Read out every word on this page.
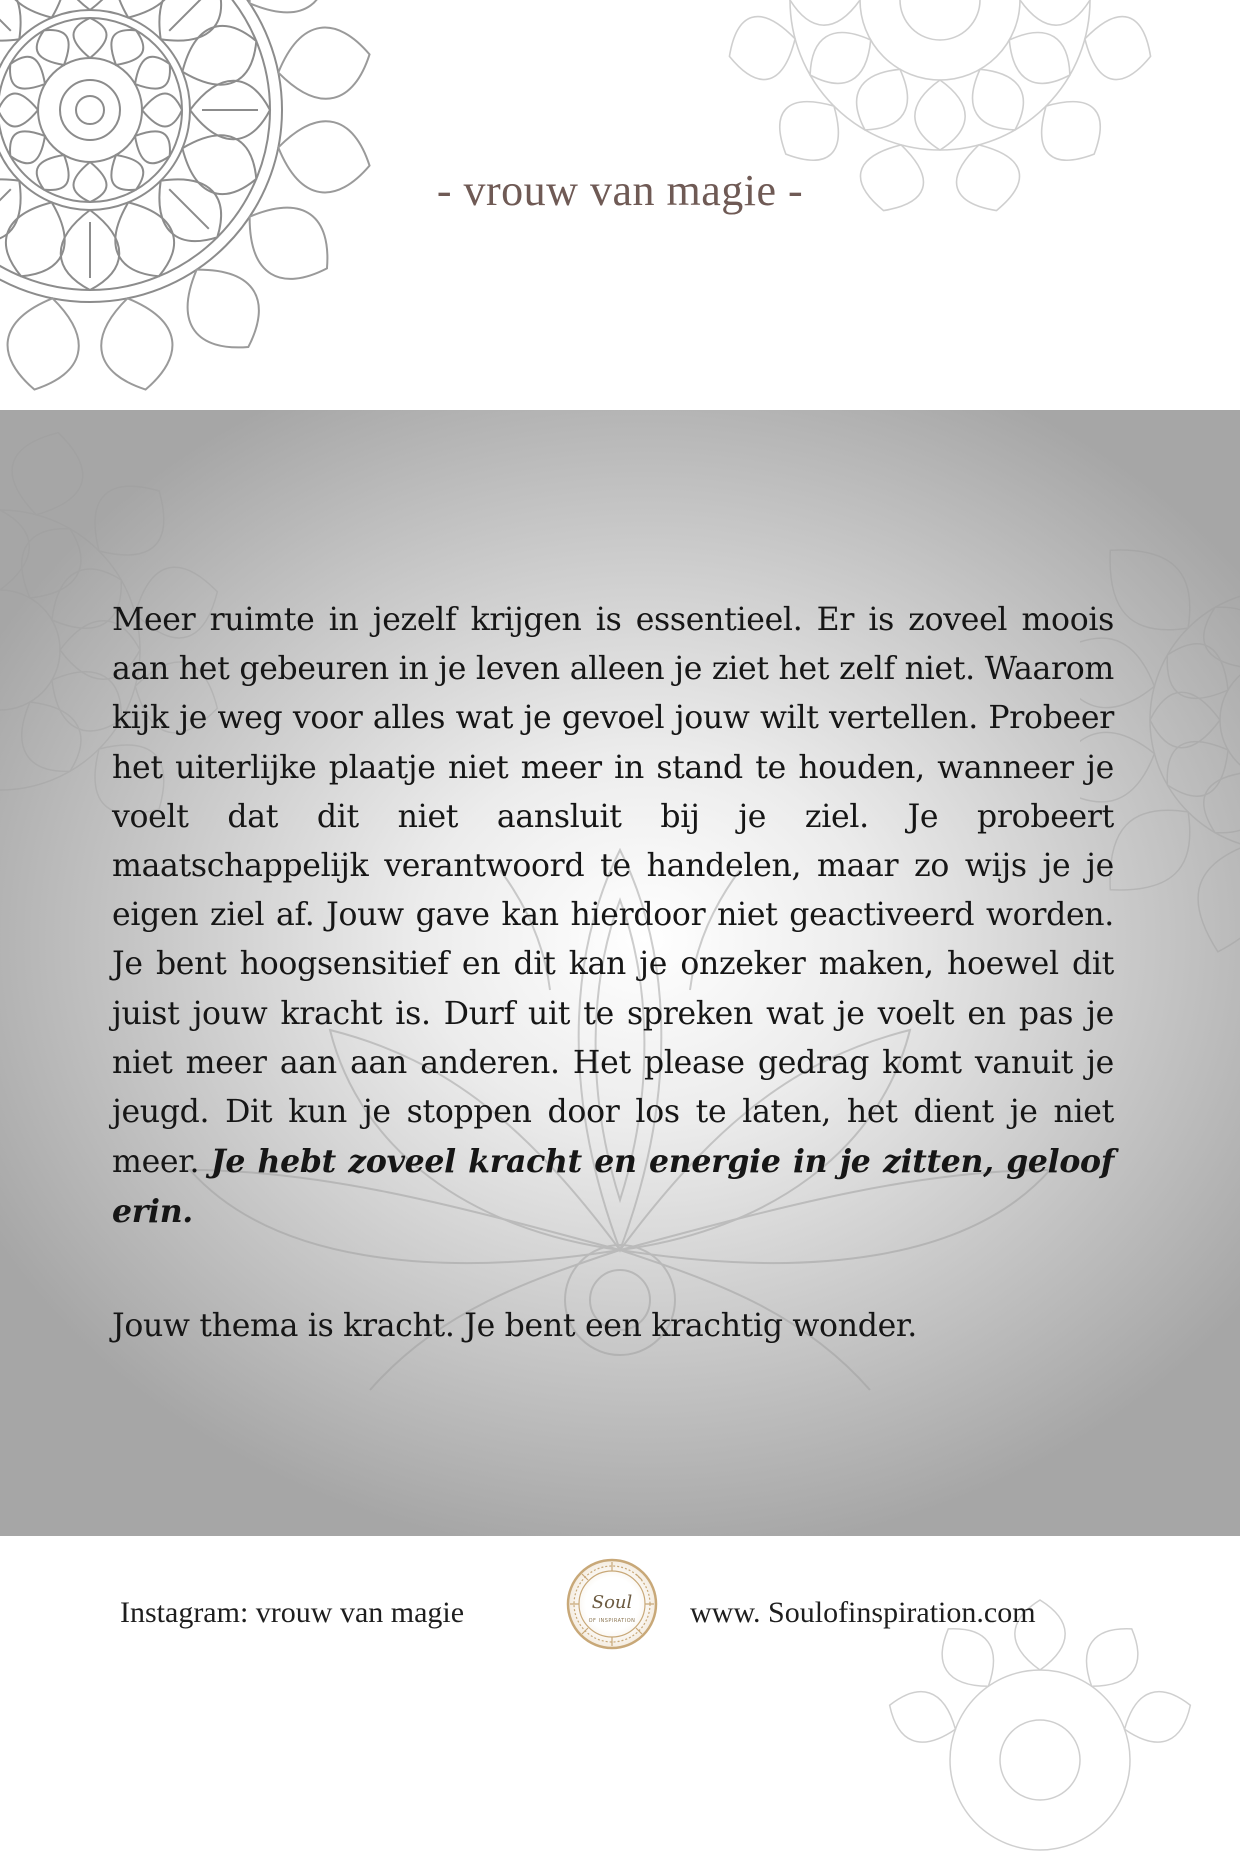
- vrouw van magie -

Meer ruimte in jezelf krijgen is essentieel. Er is zoveel moois aan het gebeuren in je leven alleen je ziet het zelf niet. Waarom kijk je weg voor alles wat je gevoel jouw wilt vertellen. Probeer het uiterlijke plaatje niet meer in stand te houden, wanneer je voelt dat dit niet aansluit bij je ziel. Je probeert maatschappelijk verantwoord te handelen, maar zo wijs je je eigen ziel af. Jouw gave kan hierdoor niet geactiveerd worden. Je bent hoogsensitief en dit kan je onzeker maken, hoewel dit juist jouw kracht is. Durf uit te spreken wat je voelt en pas je niet meer aan aan anderen. Het please gedrag komt vanuit je jeugd. Dit kun je stoppen door los te laten, het dient je niet meer. Je hebt zoveel kracht en energie in je zitten, geloof erin.

Jouw thema is kracht. Je bent een krachtig wonder.

Instagram: vrouw van magie	Soul
OF INSPIRATION	www. Soulofinspiration.com
